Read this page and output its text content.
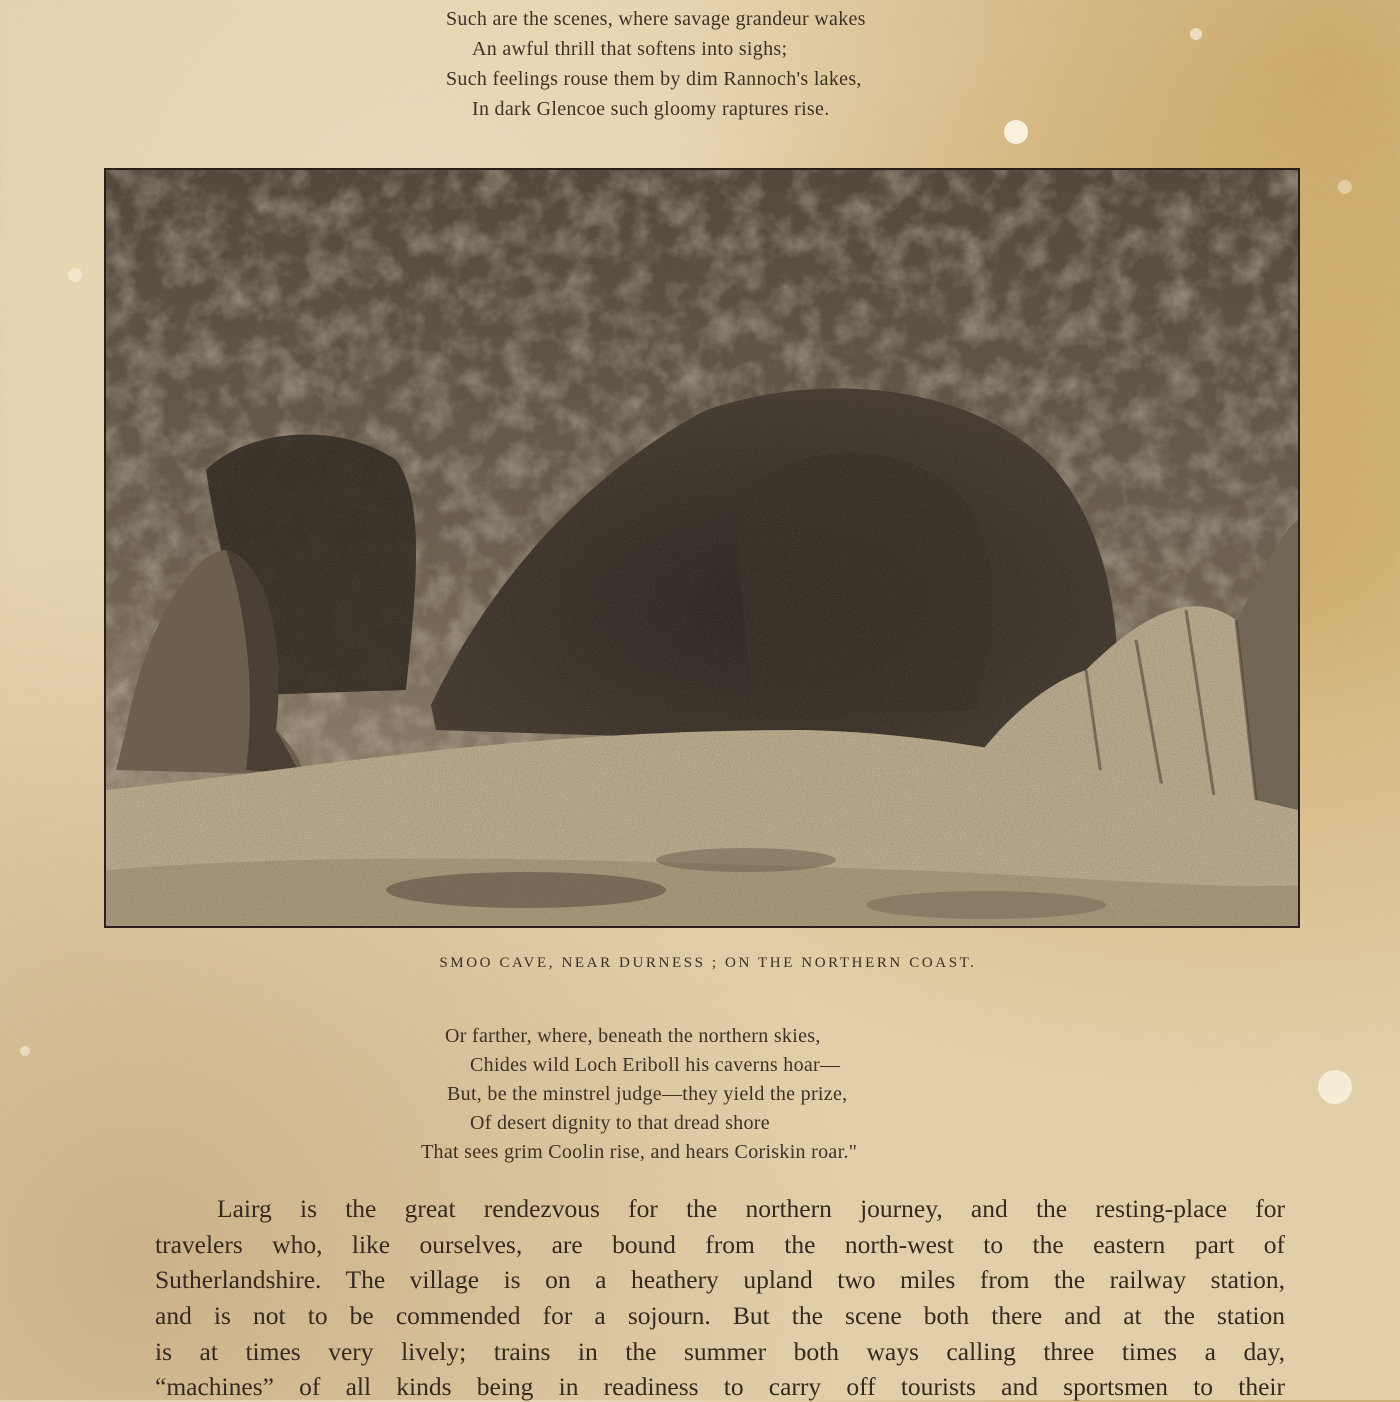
Such are the scenes, where savage grandeur wakes
An awful thrill that softens into sighs;
Such feelings rouse them by dim Rannoch's lakes,
In dark Glencoe such gloomy raptures rise.
SMOO CAVE, NEAR DURNESS ; ON THE NORTHERN COAST.
Or farther, where, beneath the northern skies,
Chides wild Loch Eriboll his caverns hoar—
But, be the minstrel judge—they yield the prize,
Of desert dignity to that dread shore
That sees grim Coolin rise, and hears Coriskin roar."
Lairg is the great rendezvous for the northern journey, and the resting-place for
travelers who, like ourselves, are bound from the north-west to the eastern part of
Sutherlandshire. The village is on a heathery upland two miles from the railway station,
and is not to be commended for a sojourn. But the scene both there and at the station
is at times very lively; trains in the summer both ways calling three times a day,
“machines” of all kinds being in readiness to carry off tourists and sportsmen to their
